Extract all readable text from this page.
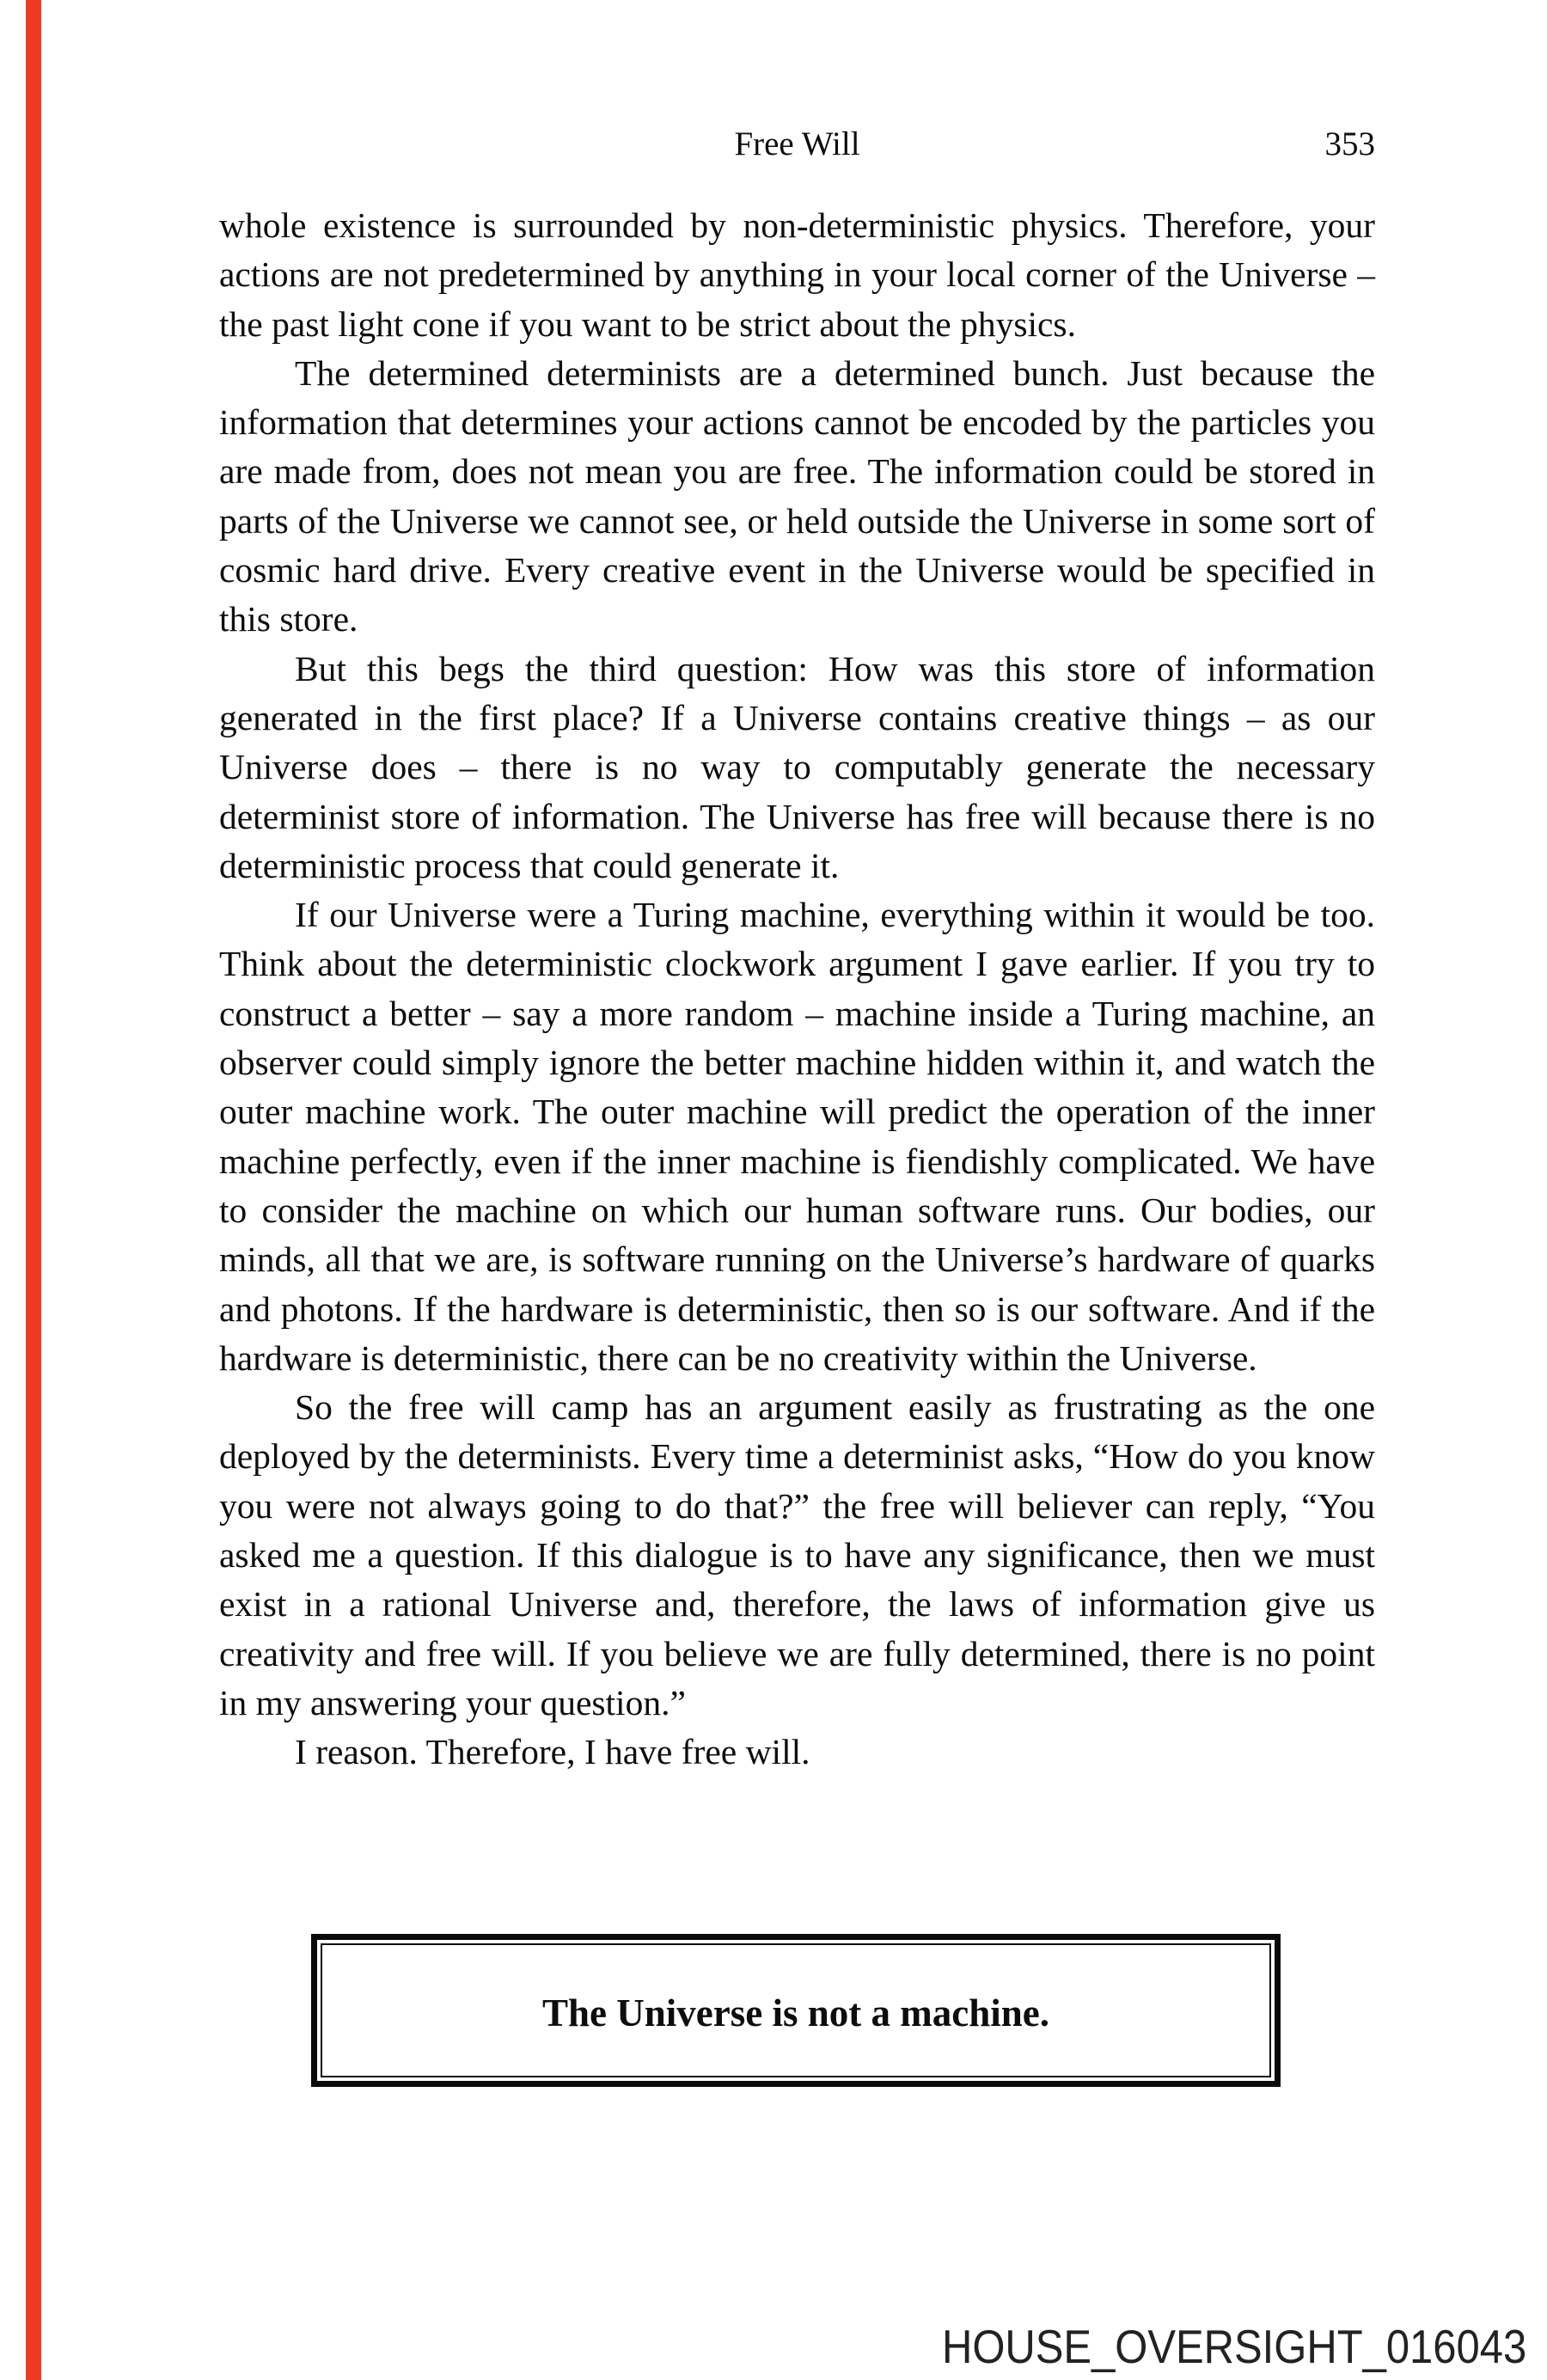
Free Will	353

whole existence is surrounded by non-deterministic physics. Therefore, your actions are not predetermined by anything in your local corner of the Universe – the past light cone if you want to be strict about the physics.

The determined determinists are a determined bunch. Just because the information that determines your actions cannot be encoded by the particles you are made from, does not mean you are free. The information could be stored in parts of the Universe we cannot see, or held outside the Universe in some sort of cosmic hard drive. Every creative event in the Universe would be specified in this store.

But this begs the third question: How was this store of information generated in the first place? If a Universe contains creative things – as our Universe does – there is no way to computably generate the necessary determinist store of information. The Universe has free will because there is no deterministic process that could generate it.

If our Universe were a Turing machine, everything within it would be too. Think about the deterministic clockwork argument I gave earlier. If you try to construct a better – say a more random – machine inside a Turing machine, an observer could simply ignore the better machine hidden within it, and watch the outer machine work. The outer machine will predict the operation of the inner machine perfectly, even if the inner machine is fiendishly complicated. We have to consider the machine on which our human software runs. Our bodies, our minds, all that we are, is software running on the Universe’s hardware of quarks and photons. If the hardware is deterministic, then so is our software. And if the hardware is deterministic, there can be no creativity within the Universe.

So the free will camp has an argument easily as frustrating as the one deployed by the determinists. Every time a determinist asks, “How do you know you were not always going to do that?” the free will believer can reply, “You asked me a question. If this dialogue is to have any significance, then we must exist in a rational Universe and, therefore, the laws of information give us creativity and free will. If you believe we are fully determined, there is no point in my answering your question.”

I reason. Therefore, I have free will.

The Universe is not a machine.
HOUSE_OVERSIGHT_016043
